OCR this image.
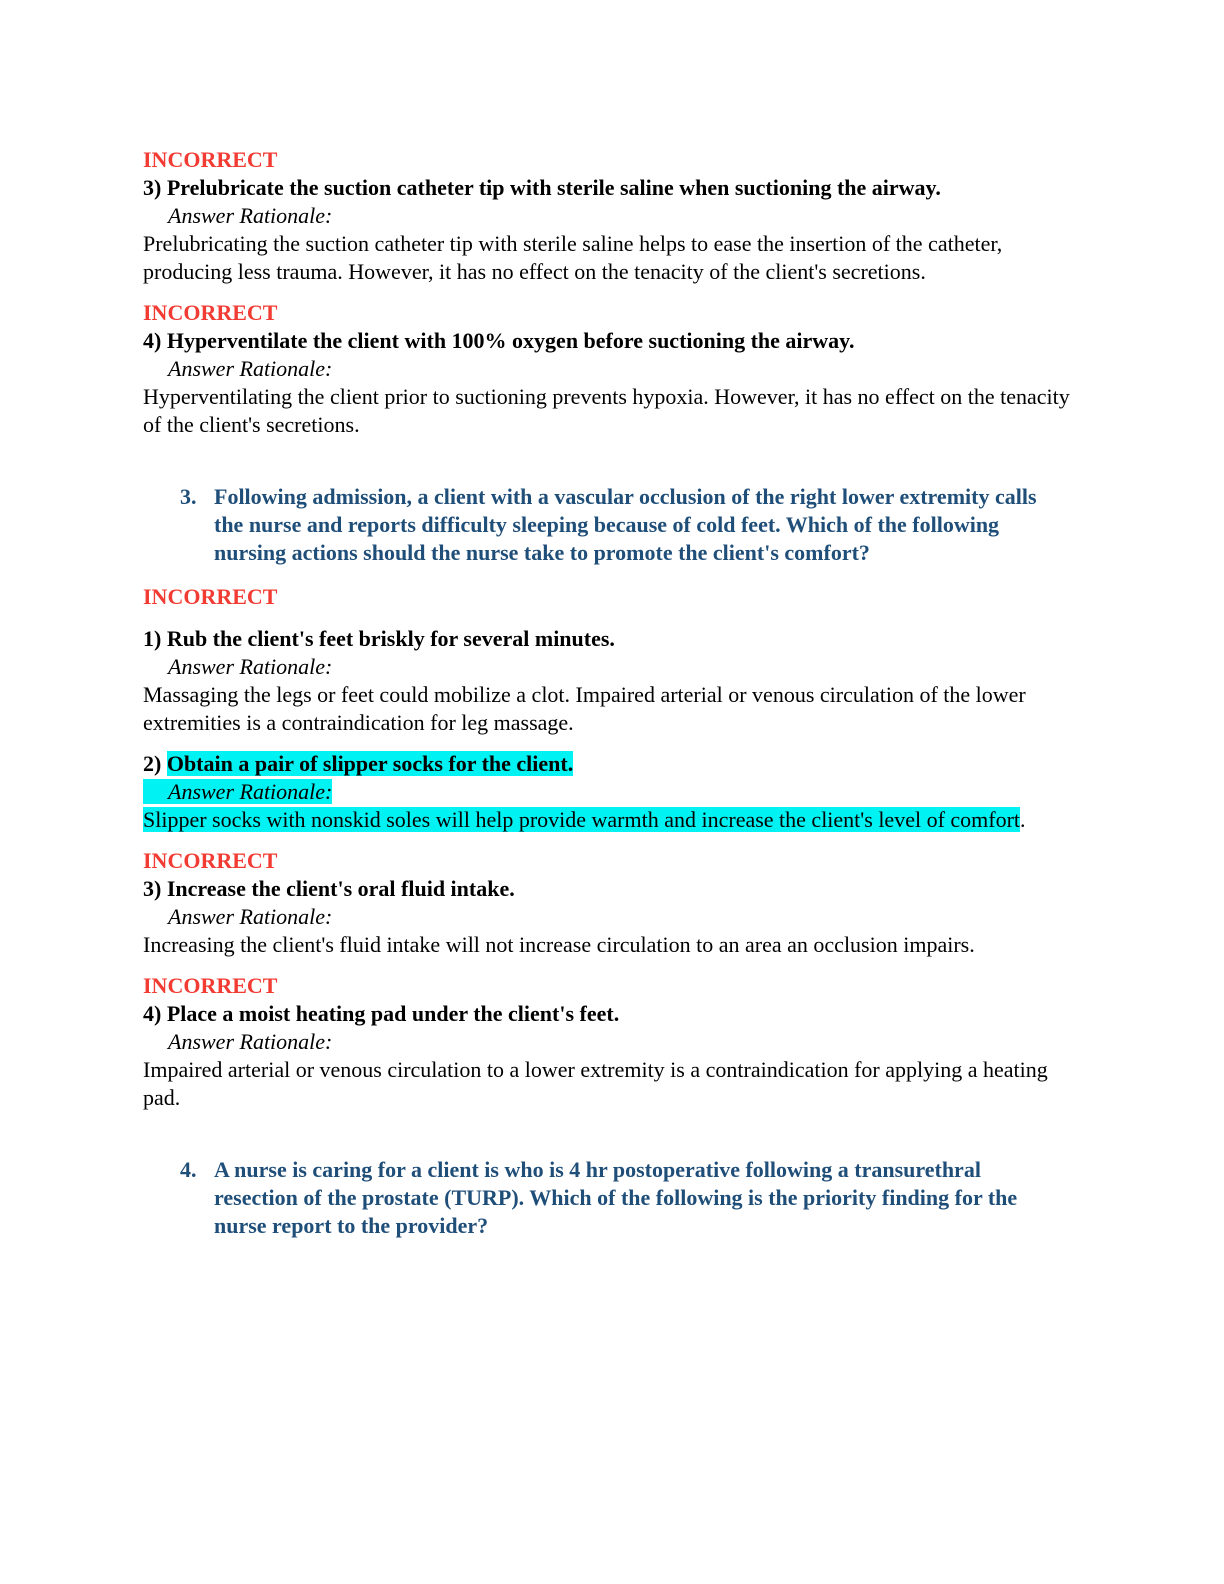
INCORRECT

3) Prelubricate the suction catheter tip with sterile saline when suctioning the airway.

Answer Rationale:

Prelubricating the suction catheter tip with sterile saline helps to ease the insertion of the catheter, producing less trauma. However, it has no effect on the tenacity of the client's secretions.

INCORRECT

4) Hyperventilate the client with 100% oxygen before suctioning the airway.

Answer Rationale:

Hyperventilating the client prior to suctioning prevents hypoxia. However, it has no effect on the tenacity of the client's secretions.

3. Following admission, a client with a vascular occlusion of the right lower extremity calls the nurse and reports difficulty sleeping because of cold feet. Which of the following nursing actions should the nurse take to promote the client's comfort?

INCORRECT

1) Rub the client's feet briskly for several minutes.

Answer Rationale:

Massaging the legs or feet could mobilize a clot. Impaired arterial or venous circulation of the lower extremities is a contraindication for leg massage.

2) Obtain a pair of slipper socks for the client.

Answer Rationale:

Slipper socks with nonskid soles will help provide warmth and increase the client's level of comfort.

INCORRECT

3) Increase the client's oral fluid intake.

Answer Rationale:

Increasing the client's fluid intake will not increase circulation to an area an occlusion impairs.

INCORRECT

4) Place a moist heating pad under the client's feet.

Answer Rationale:

Impaired arterial or venous circulation to a lower extremity is a contraindication for applying a heating pad.

4. A nurse is caring for a client is who is 4 hr postoperative following a transurethral resection of the prostate (TURP). Which of the following is the priority finding for the nurse report to the provider?
